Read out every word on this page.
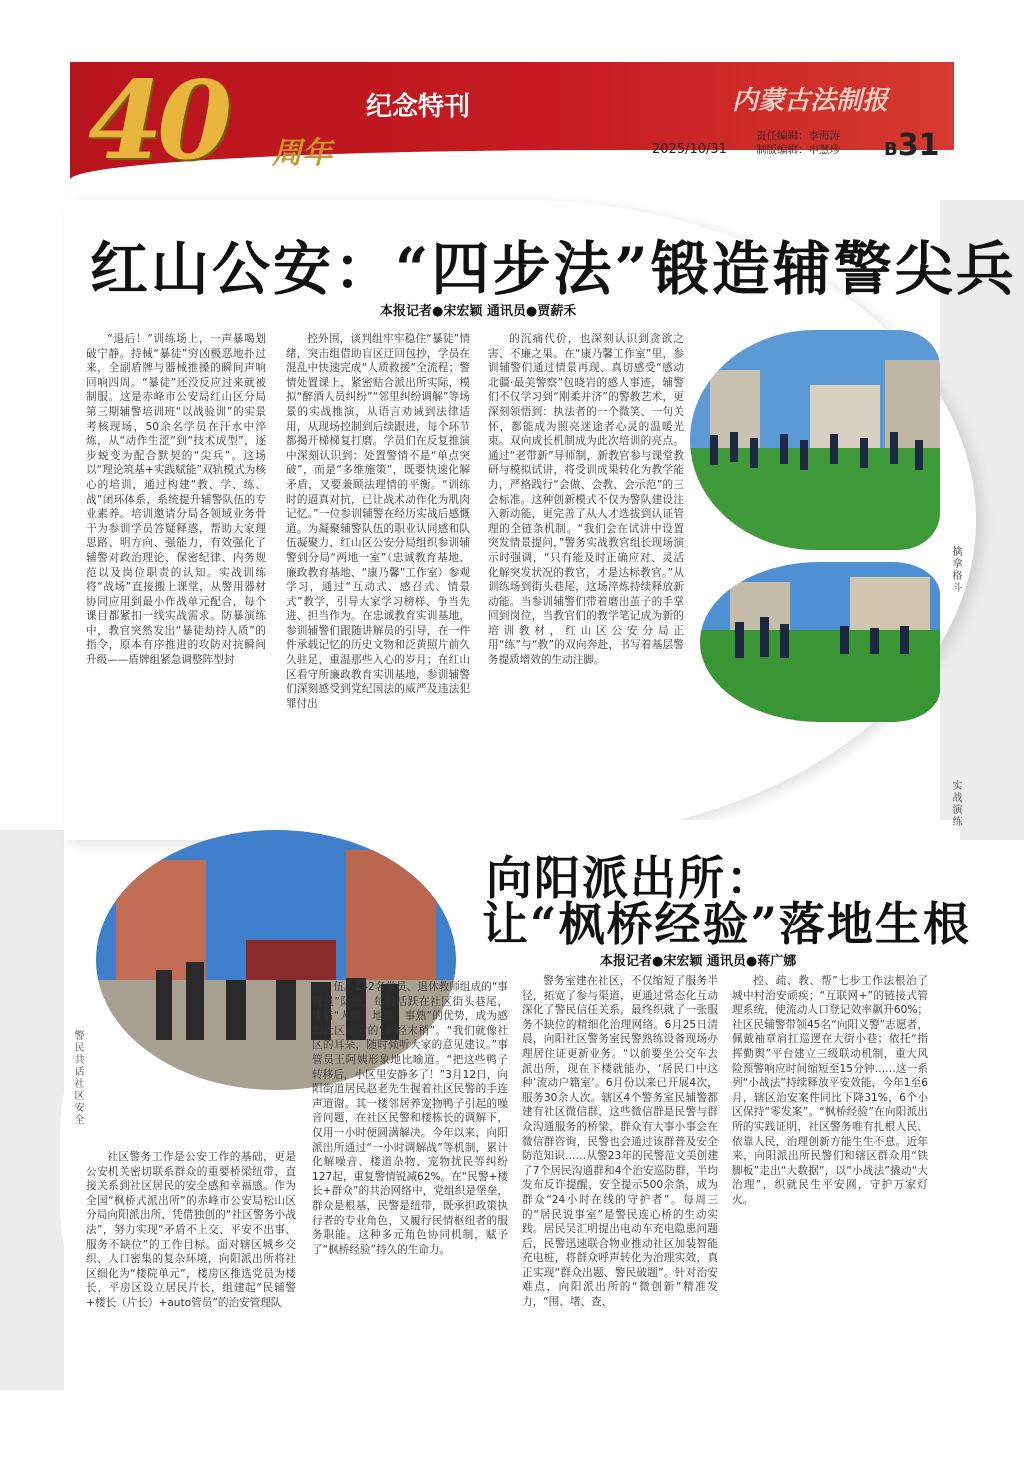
40 周年
纪念特刊	内蒙古法制报
2025/10/31
责任编辑：李海涛
制版编辑：申慧珍 B31
红山公安：“四步法”锻造辅警尖兵
本报记者●宋宏颖 通讯员●贾薪禾

“退后！”训练场上，一声暴喝划破宁静。持械“暴徒”穷凶极恶地扑过来，全副盾牌与器械推搡的瞬间声响回响四周。“暴徒”还没反应过来就被制服。这是赤峰市公安局红山区分局第三期辅警培训班“以战验训”的实景考核现场，50余名学员在汗水中淬炼，从“动作生涩”到“技术成型”，逐步蜕变为配合默契的“尖兵”。这场以“理论筑基+实践赋能”双轨模式为核心的培训，通过构建“教、学、练、战”闭环体系，系统提升辅警队伍的专业素养。培训邀请分局各领域业务骨干为参训学员答疑释惑，帮助大家理思路、明方向、强能力，有效强化了辅警对政治理论、保密纪律、内务规范以及岗位职责的认知。实战训练将“战场”直接搬上课堂，从警用器材协同应用到最小作战单元配合，每个课目都紧扣一线实战需求。防暴演练中，教官突然发出“暴徒劫持人质”的指令，原本有序推进的攻防对抗瞬间升级——盾牌组紧急调整阵型封

控外围，谈判组牢牢稳住“暴徒”情绪，突击组借助盲区迂回包抄，学员在混乱中快速完成“人质救援”全流程；警情处置课上，紧密贴合派出所实际，模拟“醉酒人员纠纷”“邻里纠纷调解”等场景的实战推演，从语言劝诫到法律适用，从现场控制到后续跟进，每个环节都揭开梯梯复打磨。学员们在反复推演中深刻认识到：处置警情不是“单点突破”，而是“多维施策”，既要快速化解矛盾，又要兼顾法理情的平衡。“训练时的逼真对抗，已让战术动作化为肌肉记忆。”一位参训辅警在经历实战后感慨道。为凝聚辅警队伍的职业认同感和队伍凝聚力，红山区公安分局组织参训辅警到分局“两地一室”（忠诚教育基地、廉政教育基地、“康乃馨”工作室）参观学习，通过“互动式、感召式、情景式”教学，引导大家学习榜样、争当先进、担当作为。在忠诚教育实训基地，参训辅警们跟随讲解员的引导，在一件件承载记忆的历史文物和泛黄照片前久久驻足，重温那些入心的岁月；在红山区看守所廉政教育实训基地，参训辅警们深刻感受到党纪国法的威严及违法犯罪付出

的沉痛代价，也深刻认识到贪欲之害、不廉之果。在“康乃馨工作室”里，参训辅警们通过情景再现、真切感受“感动北疆·最美警察”包晓岩的感人事迹，辅警们不仅学习到“刚柔并济”的警教艺术，更深刻领悟到：执法者的一个微笑、一句关怀，都能成为照亮迷途者心灵的温暖光束。双向成长机制成为此次培训的亮点。通过“老带新”导师制，新教官参与课堂教研与模拟试讲，将受训成果转化为教学能力，严格践行“会做、会教、会示范”的三会标准。这种创新模式不仅为警队建设注入新动能，更完善了从人才选拔到认证管理的全链条机制。“我们会在试讲中设置突发情景提问，”警务实战教官组长现场演示时强调，“只有能及时正确应对、灵活化解突发状况的教官，才是达标教官。”从训练场到街头巷尾，这场淬炼持续释放新动能。当参训辅警们带着磨出茧子的手掌回到岗位，当教官们的教学笔记成为新的培训教材，红山区公安分局正用“练”与“教”的双向奔赴，书写着基层警务提质增效的生动注脚。

擒拿格斗
实战演练
警民共话社区安全
向阳派出所：
让“枫桥经验”落地生根
本报记者●宋宏颖 通讯员●蒋广娜

社区警务工作是公安工作的基础，更是公安机关密切联系群众的重要桥梁纽带，直接关系到社区居民的安全感和幸福感。作为全国“枫桥式派出所”的赤峰市公安局松山区分局向阳派出所，凭借独创的“社区警务小战法”，努力实现“矛盾不上交、平安不出事、服务不缺位”的工作目标。面对辖区城乡交织、人口密集的复杂环境，向阳派出所将社区细化为“楼院单元”，楼房区推选党员为楼长，平房区设立居民片长，组建起“民辅警+楼长（片长）+auto管员”的治安管理队

伍。142名党员、退休教师组成的“事管员”队伍，每日活跃在社区街头巷尾，凭借“人熟、地熟、事熟”的优势，成为感知社区矛盾的“神经末梢”。“我们就像社区的耳朵，随时倾听大家的意见建议。”事管员王阿姨形象地比喻道。“把这些鸭子转移后，小区里安静多了！”3月12日，向阳街道居民赵老先生握着社区民警的手连声道谢。其一楼邻居养宠物鸭子引起的噪音问题，在社区民警和楼栋长的调解下，仅用一小时便圆满解决。今年以来，向阳派出所通过“一小时调解战”等机制，累计化解噪音、楼道杂物、宠物扰民等纠纷127起，重复警情锐减62%。在“民警+楼长+群众”的共治网络中，党组织是堡垒，群众是根基，民警是纽带，既承担政策执行者的专业角色，又履行民情枢纽者的服务职能。这种多元角色协同机制，赋予了“枫桥经验”持久的生命力。

警务室建在社区，不仅缩短了服务半径，拓宽了参与渠道，更通过常态化互动深化了警民信任关系，最终织就了一张服务不缺位的精细化治理网络。6月25日清晨，向阳社区警务室民警熟练设备现场办理居住证更新业务。“以前要坐公交车去派出所，现在下楼就能办，‘居民口中这种’流动户籍室’。6月份以来已开展4次，服务30余人次。辖区4个警务室民辅警都建有社区微信群，这些微信群是民警与群众沟通服务的桥梁，群众有大事小事会在微信群咨询，民警也会通过该群普及安全防范知识……从警23年的民警范文美创建了7个居民沟通群和4个治安巡防群，半均发布反诈提醒、安全提示500余条，成为群众“24小时在线的守护者”。每周三的“居民说事室”是警民连心桥的生动实践。居民吴汇明提出电动车充电隐患问题后，民警迅速联合物业推动社区加装智能充电桩，将群众呼声转化为治理实效，真正实现“群众出题、警民破题”。针对治安难点，向阳派出所的“微创新”精准发力，“围、堵、查、

控、疏、教、帮”七步工作法根治了城中村治安顽疾；“互联网+”的链接式管理系统，使流动人口登记效率飙升60%；社区民辅警带领45名“向阳义警”志愿者，佩戴袖章肩扛巡逻在大街小巷；依托“指挥勤舆”平台建立三级联动机制，重大风险预警响应时间缩短至15分钟……这一系列“小战法”持续释放平安效能，今年1至6月，辖区治安案件同比下降31%，6个小区保持“零发案”。“枫桥经验”在向阳派出所的实践证明，社区警务唯有扎根人民、依靠人民，治理创新方能生生不息。近年来，向阳派出所民警们和辖区群众用“铁脚板”走出“大数据”，以“小战法”撬动“大治理”，织就民生平安网，守护万家灯火。
